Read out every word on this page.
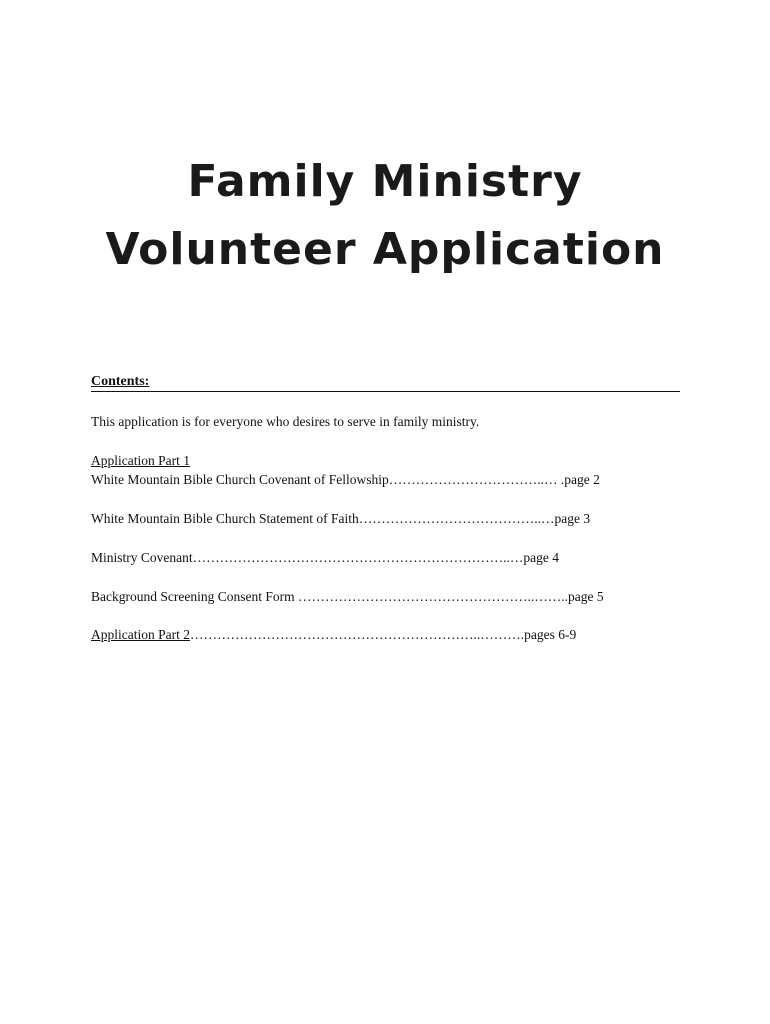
Family Ministry
Volunteer Application
Contents:
This application is for everyone who desires to serve in family ministry.
Application Part 1
White Mountain Bible Church Covenant of Fellowship……………………………..… .page 2
White Mountain Bible Church Statement of Faith…………………………………..…page 3
Ministry Covenant……………………………………………………………..…page 4
Background Screening Consent Form ……………………………………………..……..page 5
Application Part 2………………………………………………………..……….pages 6-9
